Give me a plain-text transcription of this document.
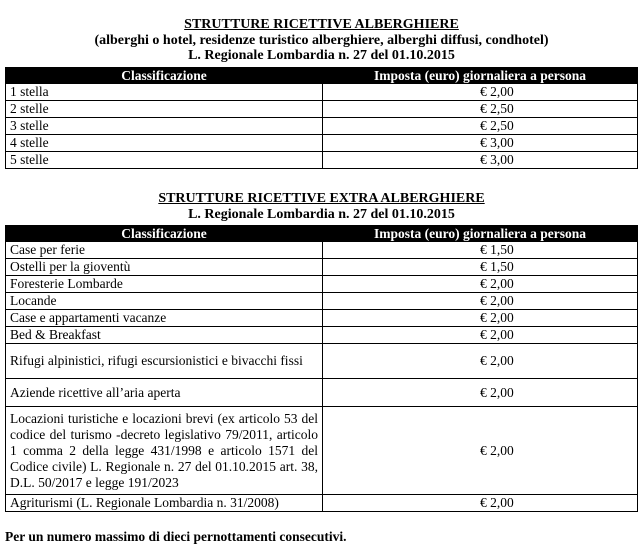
STRUTTURE RICETTIVE ALBERGHIERE
(alberghi o hotel, residenze turistico alberghiere, alberghi diffusi, condhotel)
L. Regionale Lombardia n. 27 del 01.10.2015
Classificazione	Imposta (euro) giornaliera a persona
1 stella	€ 2,00
2 stelle	€ 2,50
3 stelle	€ 2,50
4 stelle	€ 3,00
5 stelle	€ 3,00
STRUTTURE RICETTIVE EXTRA ALBERGHIERE
L. Regionale Lombardia n. 27 del 01.10.2015
Classificazione	Imposta (euro) giornaliera a persona
Case per ferie	€ 1,50
Ostelli per la gioventù	€ 1,50
Foresterie Lombarde	€ 2,00
Locande	€ 2,00
Case e appartamenti vacanze	€ 2,00
Bed & Breakfast	€ 2,00
Rifugi alpinistici, rifugi escursionistici e bivacchi fissi	€ 2,00
Aziende ricettive all’aria aperta	€ 2,00
Locazioni turistiche e locazioni brevi (ex articolo 53 del codice del turismo -decreto legislativo 79/2011, articolo 1 comma 2 della legge 431/1998 e articolo 1571 del Codice civile) L. Regionale n. 27 del 01.10.2015 art. 38, D.L. 50/2017 e legge 191/2023	€ 2,00
Agriturismi (L. Regionale Lombardia n. 31/2008)	€ 2,00
Per un numero massimo di dieci pernottamenti consecutivi.
